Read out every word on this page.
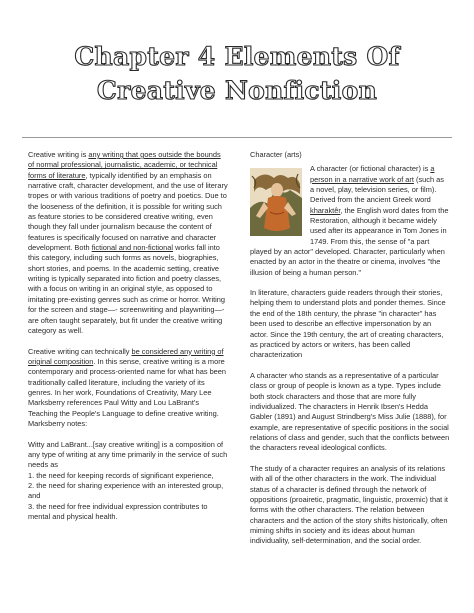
Chapter 4 Elements Of
Creative Nonfiction

Creative writing is any writing that goes outside the bounds of normal professional, journalistic, academic, or technical forms of literature, typically identified by an emphasis on narrative craft, character development, and the use of literary tropes or with various traditions of poetry and poetics. Due to the looseness of the definition, it is possible for writing such as feature stories to be considered creative writing, even though they fall under journalism because the content of features is specifically focused on narrative and character development. Both fictional and non-fictional works fall into this category, including such forms as novels, biographies, short stories, and poems. In the academic setting, creative writing is typically separated into fiction and poetry classes, with a focus on writing in an original style, as opposed to imitating pre-existing genres such as crime or horror. Writing for the screen and stage—- screenwriting and playwriting—- are often taught separately, but fit under the creative writing category as well.

Creative writing can technically be considered any writing of original composition. In this sense, creative writing is a more contemporary and process-oriented name for what has been traditionally called literature, including the variety of its genres. In her work, Foundations of Creativity, Mary Lee Marksberry references Paul Witty and Lou LaBrant's Teaching the People's Language to define creative writing. Marksberry notes:

Witty and LaBrant...[say creative writing] is a composition of any type of writing at any time primarily in the service of such needs as
1. the need for keeping records of significant experience,
2. the need for sharing experience with an interested group, and
3. the need for free individual expression contributes to mental and physical health.

Character (arts)
A character (or fictional character) is a person in a narrative work of art (such as a novel, play, television series, or film). Derived from the ancient Greek word kharaktêr, the English word dates from the Restoration, although it became widely used after its appearance in Tom Jones in 1749. From this, the sense of "a part played by an actor" developed. Character, particularly when enacted by an actor in the theatre or cinema, involves "the illusion of being a human person."

In literature, characters guide readers through their stories, helping them to understand plots and ponder themes. Since the end of the 18th century, the phrase "in character" has been used to describe an effective impersonation by an actor. Since the 19th century, the art of creating characters, as practiced by actors or writers, has been called characterization

A character who stands as a representative of a particular class or group of people is known as a type. Types include both stock characters and those that are more fully individualized. The characters in Henrik Ibsen's Hedda Gabler (1891) and August Strindberg's Miss Julie (1888), for example, are representative of specific positions in the social relations of class and gender, such that the conflicts between the characters reveal ideological conflicts.

The study of a character requires an analysis of its relations with all of the other characters in the work. The individual status of a character is defined through the network of oppositions (proairetic, pragmatic, linguistic, proxemic) that it forms with the other characters. The relation between characters and the action of the story shifts historically, often miming shifts in society and its ideas about human individuality, self-determination, and the social order.
